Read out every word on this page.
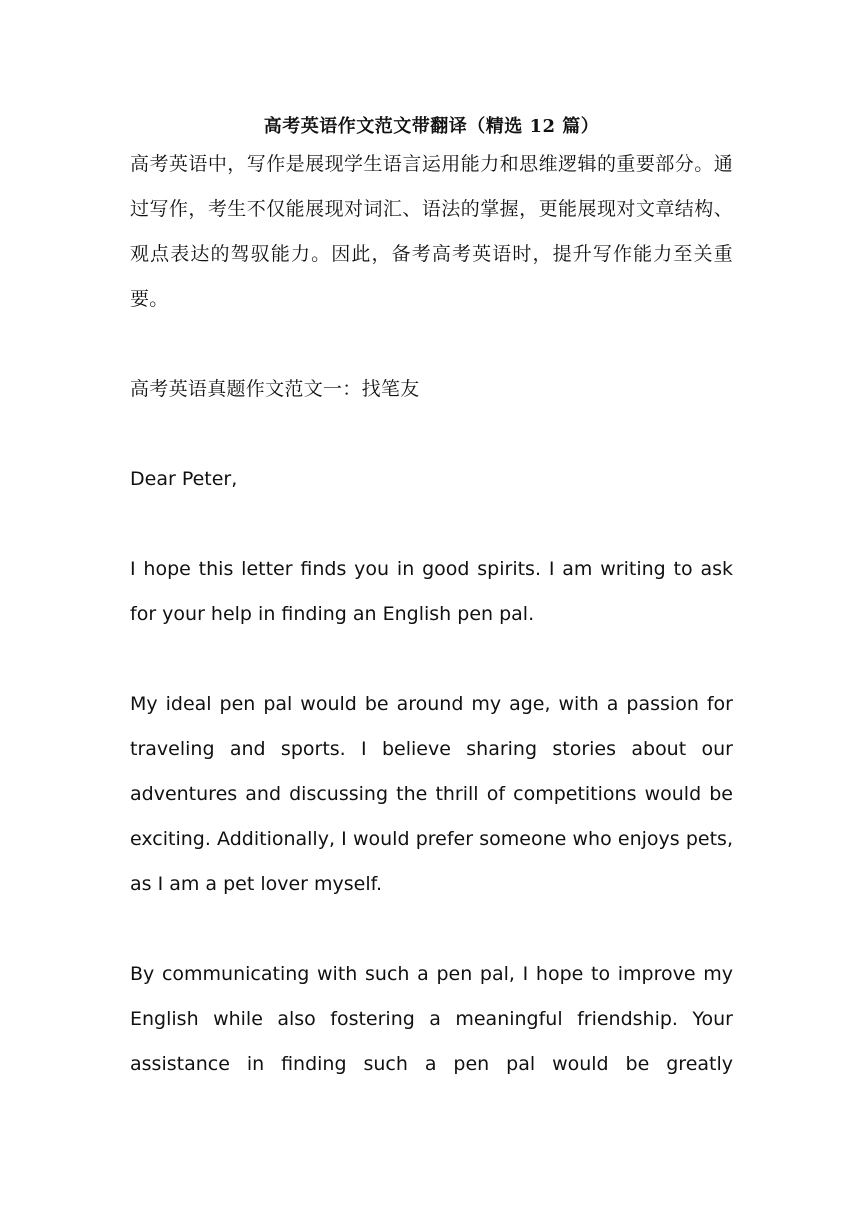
高考英语作文范文带翻译（精选 12 篇）

高考英语中，写作是展现学生语言运用能力和思维逻辑的重要部分。通过写作，考生不仅能展现对词汇、语法的掌握，更能展现对文章结构、观点表达的驾驭能力。因此，备考高考英语时，提升写作能力至关重要。

高考英语真题作文范文一：找笔友

Dear Peter,

I hope this letter finds you in good spirits. I am writing to ask for your help in finding an English pen pal.

My ideal pen pal would be around my age, with a passion for traveling and sports. I believe sharing stories about our adventures and discussing the thrill of competitions would be exciting. Additionally, I would prefer someone who enjoys pets, as I am a pet lover myself.

By communicating with such a pen pal, I hope to improve my English while also fostering a meaningful friendship. Your assistance in finding such a pen pal would be greatly
